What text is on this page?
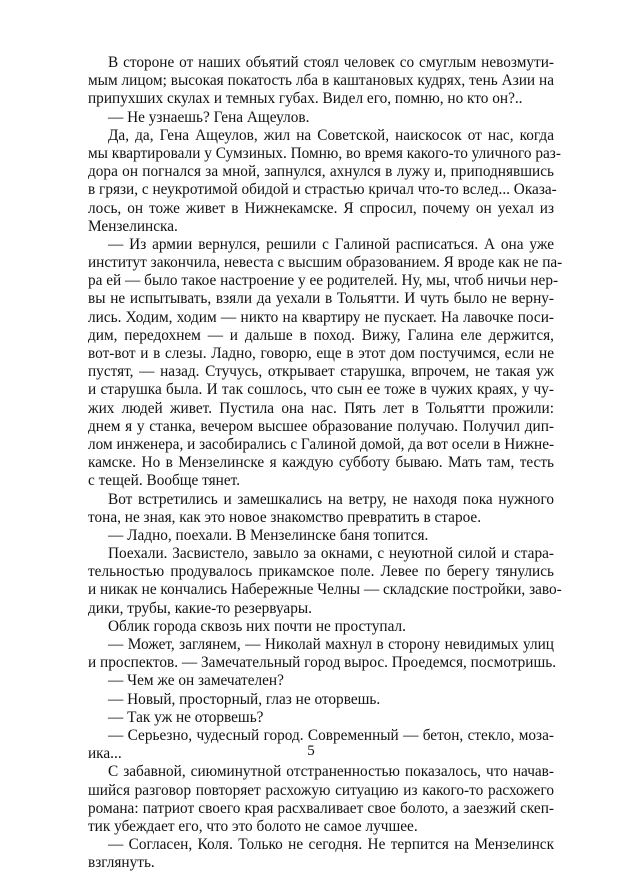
В стороне от наших объятий стоял человек со смуглым невозмути-
мым лицом; высокая покатость лба в каштановых кудрях, тень Азии на
припухших скулах и темных губах. Видел его, помню, но кто он?..
— Не узнаешь? Гена Ащеулов.
Да, да, Гена Ащеулов, жил на Советской, наискосок от нас, когда
мы квартировали у Сумзиных. Помню, во время какого-то уличного раз-
дора он погнался за мной, запнулся, ахнулся в лужу и, приподнявшись
в грязи, с неукротимой обидой и страстью кричал что-то вслед... Оказа-
лось, он тоже живет в Нижнекамске. Я спросил, почему он уехал из
Мензелинска.
— Из армии вернулся, решили с Галиной расписаться. А она уже
институт закончила, невеста с высшим образованием. Я вроде как не па-
ра ей — было такое настроение у ее родителей. Ну, мы, чтоб ничьи нер-
вы не испытывать, взяли да уехали в Тольятти. И чуть было не верну-
лись. Ходим, ходим — никто на квартиру не пускает. На лавочке поси-
дим, передохнем — и дальше в поход. Вижу, Галина еле держится,
вот-вот и в слезы. Ладно, говорю, еще в этот дом постучимся, если не
пустят, — назад. Стучусь, открывает старушка, впрочем, не такая уж
и старушка была. И так сошлось, что сын ее тоже в чужих краях, у чу-
жих людей живет. Пустила она нас. Пять лет в Тольятти прожили:
днем я у станка, вечером высшее образование получаю. Получил дип-
лом инженера, и засобирались с Галиной домой, да вот осели в Нижне-
камске. Но в Мензелинске я каждую субботу бываю. Мать там, тесть
с тещей. Вообще тянет.
Вот встретились и замешкались на ветру, не находя пока нужного
тона, не зная, как это новое знакомство превратить в старое.
— Ладно, поехали. В Мензелинске баня топится.
Поехали. Засвистело, завыло за окнами, с неуютной силой и стара-
тельностью продувалось прикамское поле. Левее по берегу тянулись
и никак не кончались Набережные Челны — складские постройки, заво-
дики, трубы, какие-то резервуары.
Облик города сквозь них почти не проступал.
— Может, заглянем, — Николай махнул в сторону невидимых улиц
и проспектов. — Замечательный город вырос. Проедемся, посмотришь.
— Чем же он замечателен?
— Новый, просторный, глаз не оторвешь.
— Так уж не оторвешь?
— Серьезно, чудесный город. Современный — бетон, стекло, моза-
ика...
С забавной, сиюминутной отстраненностью показалось, что начав-
шийся разговор повторяет расхожую ситуацию из какого-то расхожего
романа: патриот своего края расхваливает свое болото, а заезжий скеп-
тик убеждает его, что это болото не самое лучшее.
— Согласен, Коля. Только не сегодня. Не терпится на Мензелинск
взглянуть.
5
